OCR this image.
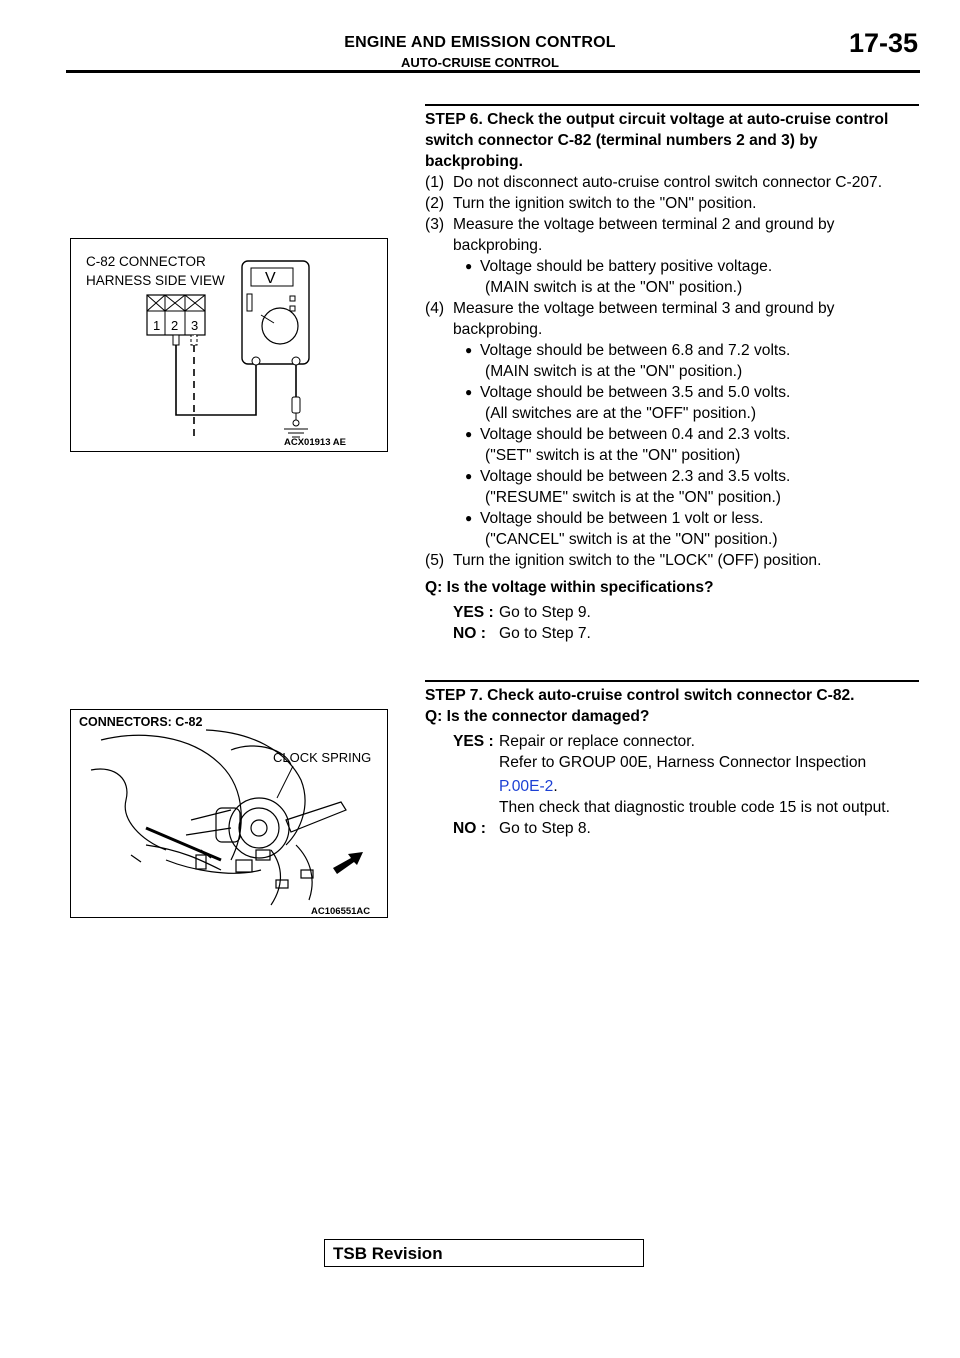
ENGINE AND EMISSION CONTROL
AUTO-CRUISE CONTROL
17-35
C-82 CONNECTOR
HARNESS SIDE VIEW
1 2 3
V
ACX01913 AE
CONNECTORS: C-82
CLOCK SPRING
AC106551AC
STEP 6. Check the output circuit voltage at auto-cruise control switch connector C-82 (terminal numbers 2 and 3) by backprobing.
(1) Do not disconnect auto-cruise control switch connector C-207.
(2) Turn the ignition switch to the "ON" position.
(3) Measure the voltage between terminal 2 and ground by backprobing.
● Voltage should be battery positive voltage.
(MAIN switch is at the "ON" position.)
(4) Measure the voltage between terminal 3 and ground by backprobing.
● Voltage should be between 6.8 and 7.2 volts.
(MAIN switch is at the "ON" position.)
● Voltage should be between 3.5 and 5.0 volts.
(All switches are at the "OFF" position.)
● Voltage should be between 0.4 and 2.3 volts.
("SET" switch is at the "ON" position)
● Voltage should be between 2.3 and 3.5 volts.
("RESUME" switch is at the "ON" position.)
● Voltage should be between 1 volt or less.
("CANCEL" switch is at the "ON" position.)
(5) Turn the ignition switch to the "LOCK" (OFF) position.
Q: Is the voltage within specifications?
YES : Go to Step 9.
NO : Go to Step 7.
STEP 7. Check auto-cruise control switch connector C-82.
Q: Is the connector damaged?
YES : Repair or replace connector.
Refer to GROUP 00E, Harness Connector Inspection
P.00E-2.
Then check that diagnostic trouble code 15 is not output.
NO : Go to Step 8.
TSB Revision
